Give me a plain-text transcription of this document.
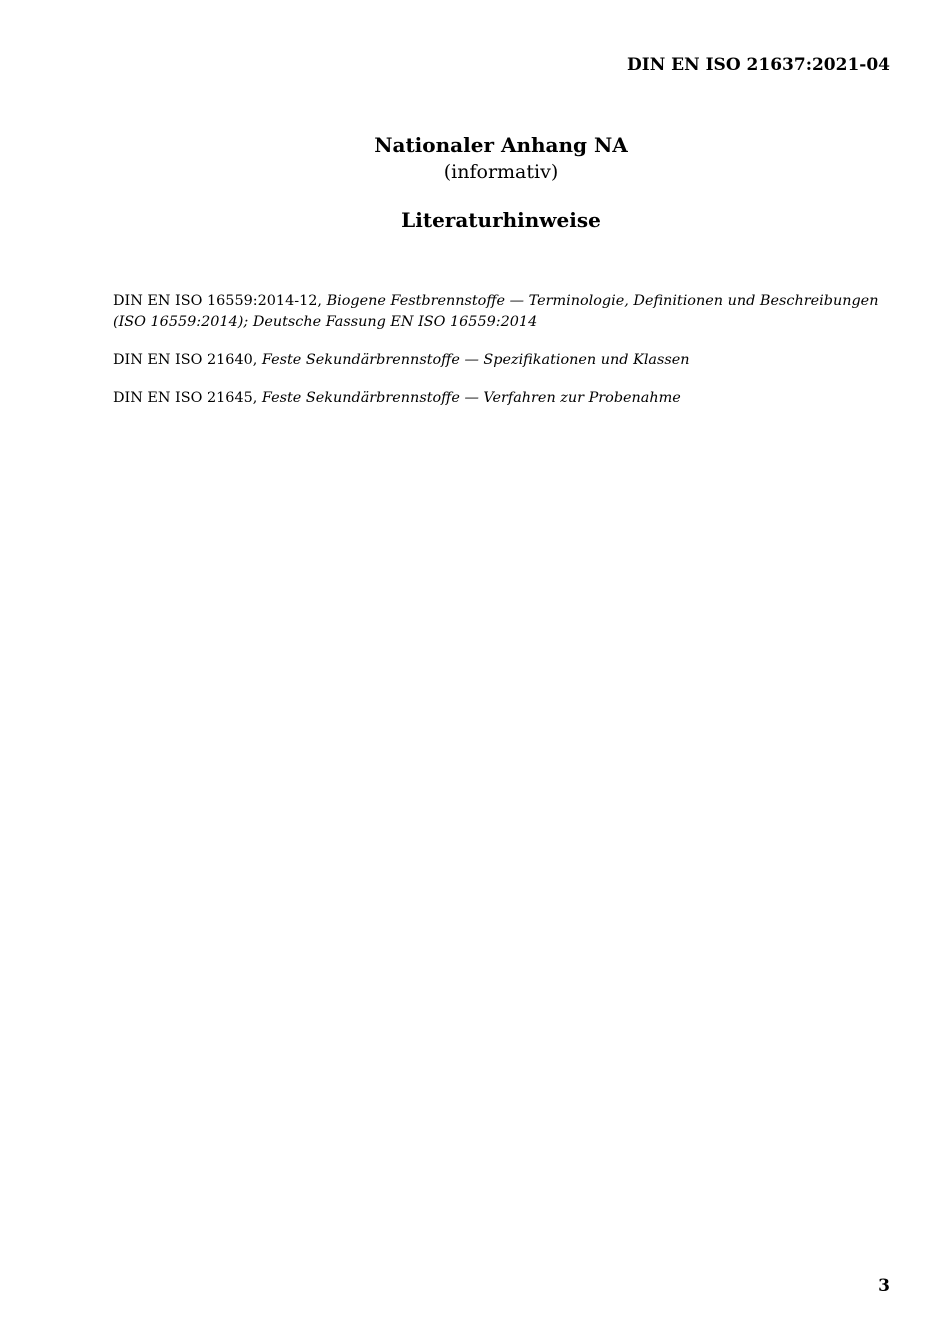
DIN EN ISO 21637:2021-04
Nationaler Anhang NA
(informativ)
Literaturhinweise

DIN EN ISO 16559:2014-12, Biogene Festbrennstoffe — Terminologie, Definitionen und Beschreibungen (ISO 16559:2014); Deutsche Fassung EN ISO 16559:2014

DIN EN ISO 21640, Feste Sekundärbrennstoffe — Spezifikationen und Klassen

DIN EN ISO 21645, Feste Sekundärbrennstoffe — Verfahren zur Probenahme

3
